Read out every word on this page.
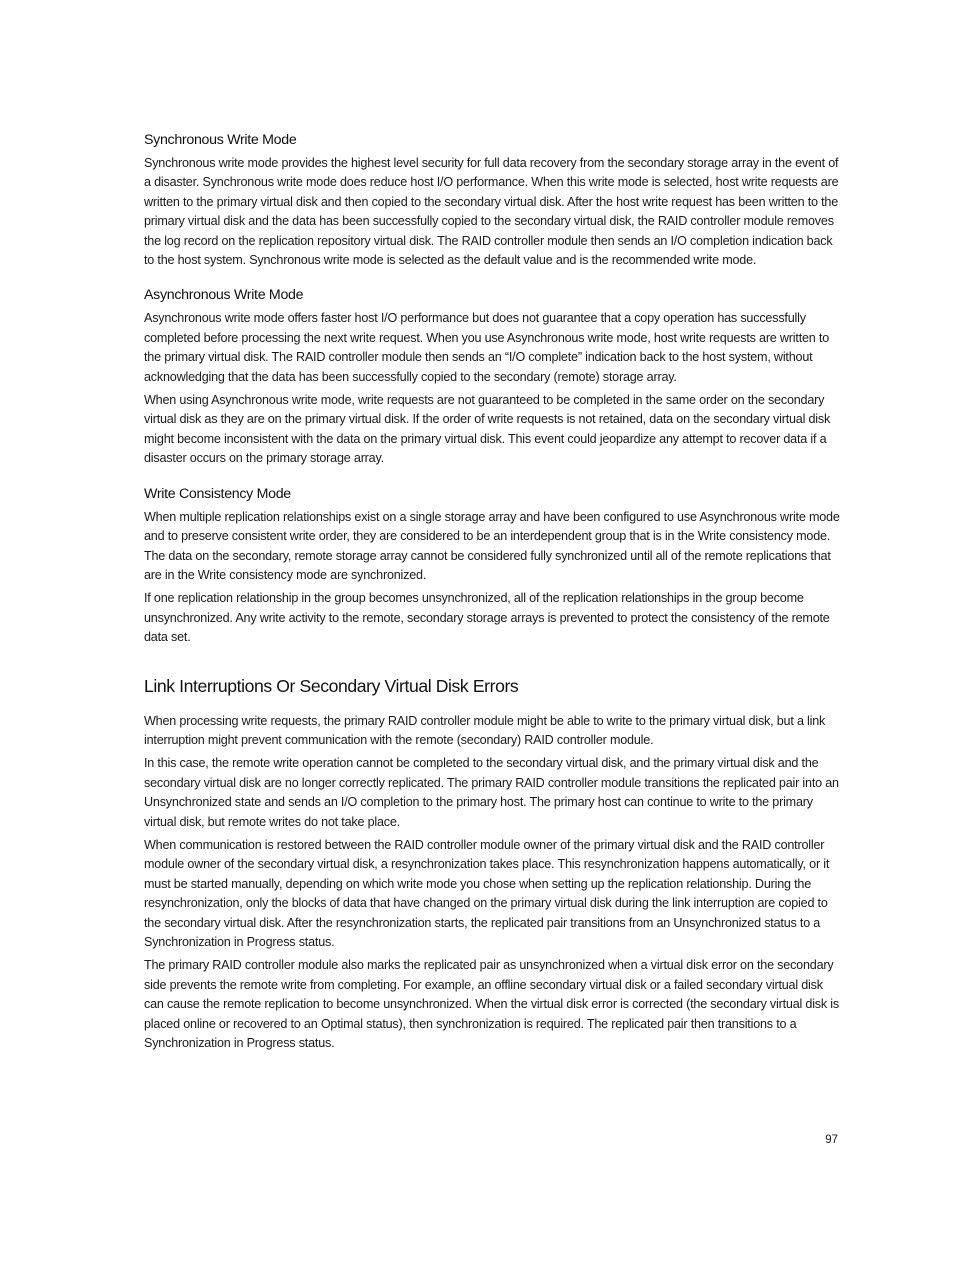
Synchronous Write Mode

Synchronous write mode provides the highest level security for full data recovery from the secondary storage array in the event of a disaster. Synchronous write mode does reduce host I/O performance. When this write mode is selected, host write requests are written to the primary virtual disk and then copied to the secondary virtual disk. After the host write request has been written to the primary virtual disk and the data has been successfully copied to the secondary virtual disk, the RAID controller module removes the log record on the replication repository virtual disk. The RAID controller module then sends an I/O completion indication back to the host system. Synchronous write mode is selected as the default value and is the recommended write mode.

Asynchronous Write Mode

Asynchronous write mode offers faster host I/O performance but does not guarantee that a copy operation has successfully completed before processing the next write request. When you use Asynchronous write mode, host write requests are written to the primary virtual disk. The RAID controller module then sends an “I/O complete” indication back to the host system, without acknowledging that the data has been successfully copied to the secondary (remote) storage array.

When using Asynchronous write mode, write requests are not guaranteed to be completed in the same order on the secondary virtual disk as they are on the primary virtual disk. If the order of write requests is not retained, data on the secondary virtual disk might become inconsistent with the data on the primary virtual disk. This event could jeopardize any attempt to recover data if a disaster occurs on the primary storage array.

Write Consistency Mode

When multiple replication relationships exist on a single storage array and have been configured to use Asynchronous write mode and to preserve consistent write order, they are considered to be an interdependent group that is in the Write consistency mode. The data on the secondary, remote storage array cannot be considered fully synchronized until all of the remote replications that are in the Write consistency mode are synchronized.

If one replication relationship in the group becomes unsynchronized, all of the replication relationships in the group become unsynchronized. Any write activity to the remote, secondary storage arrays is prevented to protect the consistency of the remote data set.

Link Interruptions Or Secondary Virtual Disk Errors

When processing write requests, the primary RAID controller module might be able to write to the primary virtual disk, but a link interruption might prevent communication with the remote (secondary) RAID controller module.

In this case, the remote write operation cannot be completed to the secondary virtual disk, and the primary virtual disk and the secondary virtual disk are no longer correctly replicated. The primary RAID controller module transitions the replicated pair into an Unsynchronized state and sends an I/O completion to the primary host. The primary host can continue to write to the primary virtual disk, but remote writes do not take place.

When communication is restored between the RAID controller module owner of the primary virtual disk and the RAID controller module owner of the secondary virtual disk, a resynchronization takes place. This resynchronization happens automatically, or it must be started manually, depending on which write mode you chose when setting up the replication relationship. During the resynchronization, only the blocks of data that have changed on the primary virtual disk during the link interruption are copied to the secondary virtual disk. After the resynchronization starts, the replicated pair transitions from an Unsynchronized status to a Synchronization in Progress status.

The primary RAID controller module also marks the replicated pair as unsynchronized when a virtual disk error on the secondary side prevents the remote write from completing. For example, an offline secondary virtual disk or a failed secondary virtual disk can cause the remote replication to become unsynchronized. When the virtual disk error is corrected (the secondary virtual disk is placed online or recovered to an Optimal status), then synchronization is required. The replicated pair then transitions to a Synchronization in Progress status.

97
